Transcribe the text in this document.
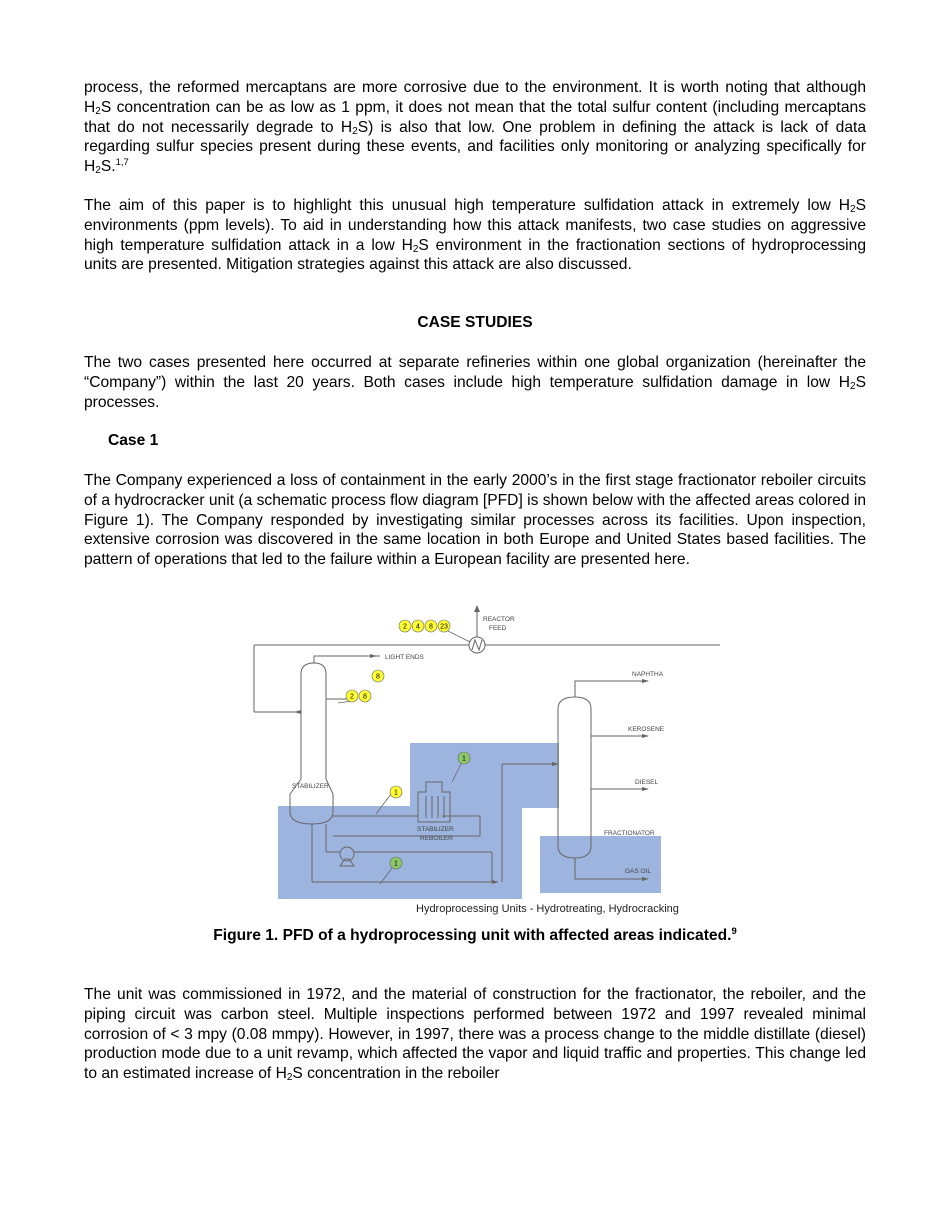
process, the reformed mercaptans are more corrosive due to the environment. It is worth noting that although $H_2S$ concentration can be as low as 1 ppm, it does not mean that the total sulfur content (including mercaptans that do not necessarily degrade to $H_2S$) is also that low. One problem in defining the attack is lack of data regarding sulfur species present during these events, and facilities only monitoring or analyzing specifically for $H_2S.^{1,7}$

The aim of this paper is to highlight this unusual high temperature sulfidation attack in extremely low $H_2S$ environments (ppm levels). To aid in understanding how this attack manifests, two case studies on aggressive high temperature sulfidation attack in a low $H_2S$ environment in the fractionation sections of hydroprocessing units are presented. Mitigation strategies against this attack are also discussed.

CASE STUDIES

The two cases presented here occurred at separate refineries within one global organization (hereinafter the “Company”) within the last 20 years. Both cases include high temperature sulfidation damage in low $H_2S$ processes.

Case 1

The Company experienced a loss of containment in the early 2000’s in the first stage fractionator reboiler circuits of a hydrocracker unit (a schematic process flow diagram [PFD] is shown below with the affected areas colored in Figure 1). The Company responded by investigating similar processes across its facilities. Upon inspection, extensive corrosion was discovered in the same location in both Europe and United States based facilities. The pattern of operations that led to the failure within a European facility are presented here.

2 4 8 23
8
2 8
1
1
1
REACTOR
FEED
LIGHT ENDS
NAPHTHA
KEROSENE
DIESEL
STABILIZER
STABILIZER
REBOILER
FRACTIONATOR
GAS OIL
Hydroprocessing Units - Hydrotreating, Hydrocracking

Figure 1. PFD of a hydroprocessing unit with affected areas indicated.$^9$

The unit was commissioned in 1972, and the material of construction for the fractionator, the reboiler, and the piping circuit was carbon steel. Multiple inspections performed between 1972 and 1997 revealed minimal corrosion of < 3 mpy (0.08 mmpy). However, in 1997, there was a process change to the middle distillate (diesel) production mode due to a unit revamp, which affected the vapor and liquid traffic and properties. This change led to an estimated increase of $H_2S$ concentration in the reboiler
